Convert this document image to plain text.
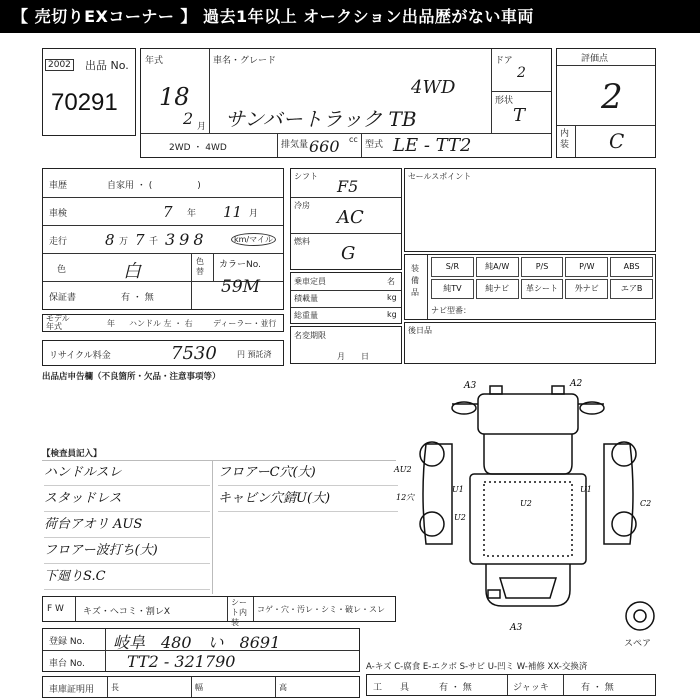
【 売切りEXコーナー 】 過去1年以上 オークション出品歴がない車両
2002 出品 No.
70291
年式
18
2 月
車名・グレード
4WD
サンバートラック TB
ドア
2
形状
T
2WD ・ 4WD	排気量 660 cc
型式 LE - TT2
評価点
2
内装 C
車歴	自家用 ・ (　　　　　)
車検	7 年 11 月
走行	8 万 7 千 398	km/マイル
色	白	色替
カラーNo.
59M
保証書	有 ・ 無
モデル年式	年 ハンドル 左 ・ 右	ディーラー・並行
シフト
F5
冷房
AC
燃料
G
乗車定員	名
積載量	kg
総重量	kg
名変期限
月　　日
セールスポイント
装備品
S/R	純A/W	P/S	P/W	ABS
純TV	純ナビ	革シート	外ナビ	エアB
ナビ型番：
後日品
リサイクル料金	7530	円 預託済
出品店申告欄（不良箇所・欠品・注意事項等）
【検査員記入】
ハンドルスレ
スタッドレス
荷台アオリ AUS
フロアー波打ち(大)
下廻りS.C
フロアーC穴(大)
キャビン穴錆U(大)
A3	A2
AU2
12穴
C2
U1
U2
U2
U1
A3
スペア
F W キズ・ヘコミ・割レX
シート内装
コゲ・穴・汚レ・シミ・破レ・スレ
登録 No. 岐阜　480　い　8691
車台 No.	TT2 - 321790
車庫証明用 長	幅	高
A-キズ C-腐食 E-エクボ S-サビ U-凹ミ W-補修 XX-交換済
工　　具	有 ・ 無	ジャッキ	有 ・ 無
